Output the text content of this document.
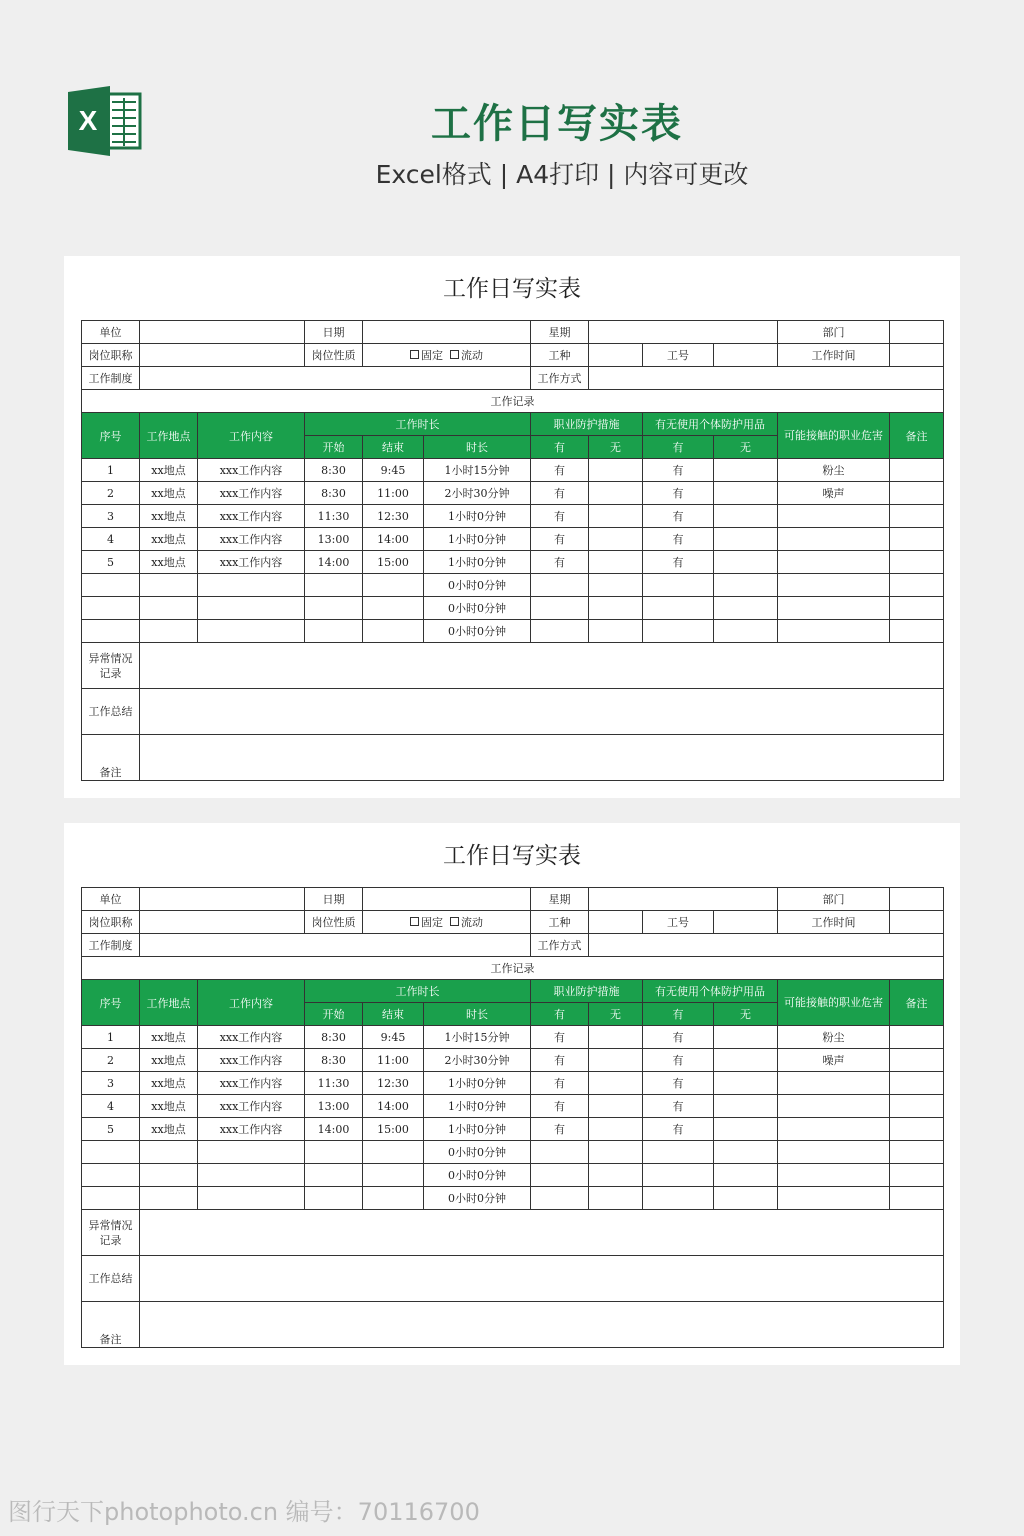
X	工作日写实表
Excel格式 | A4打印 | 内容可更改
工作日写实表
单位			日期			星期				部门	
岗位职称			岗位性质	固定 流动		工种		工号		工作时间	
工作制度						工作方式					
工作记录											
序号	工作地点	工作内容	工作时长			职业防护措施		有无使用个体防护用品		可能接触的职业危害	备注
			开始	结束	时长	有	无	有	无		
1	xx地点	xxx工作内容	8:30	9:45	1小时15分钟	有		有		粉尘	
2	xx地点	xxx工作内容	8:30	11:00	2小时30分钟	有		有		噪声	
3	xx地点	xxx工作内容	11:30	12:30	1小时0分钟	有		有			
4	xx地点	xxx工作内容	13:00	14:00	1小时0分钟	有		有			
5	xx地点	xxx工作内容	14:00	15:00	1小时0分钟	有		有			
					0小时0分钟						
					0小时0分钟						
					0小时0分钟						
异常情况记录											
工作总结											
备注											
工作日写实表
单位			日期			星期				部门	
岗位职称			岗位性质	固定 流动		工种		工号		工作时间	
工作制度						工作方式					
工作记录											
序号	工作地点	工作内容	工作时长			职业防护措施		有无使用个体防护用品		可能接触的职业危害	备注
			开始	结束	时长	有	无	有	无		
1	xx地点	xxx工作内容	8:30	9:45	1小时15分钟	有		有		粉尘	
2	xx地点	xxx工作内容	8:30	11:00	2小时30分钟	有		有		噪声	
3	xx地点	xxx工作内容	11:30	12:30	1小时0分钟	有		有			
4	xx地点	xxx工作内容	13:00	14:00	1小时0分钟	有		有			
5	xx地点	xxx工作内容	14:00	15:00	1小时0分钟	有		有			
					0小时0分钟						
					0小时0分钟						
					0小时0分钟						
异常情况记录											
工作总结											
备注											
图行天下photophoto.cn 编号：70116700
